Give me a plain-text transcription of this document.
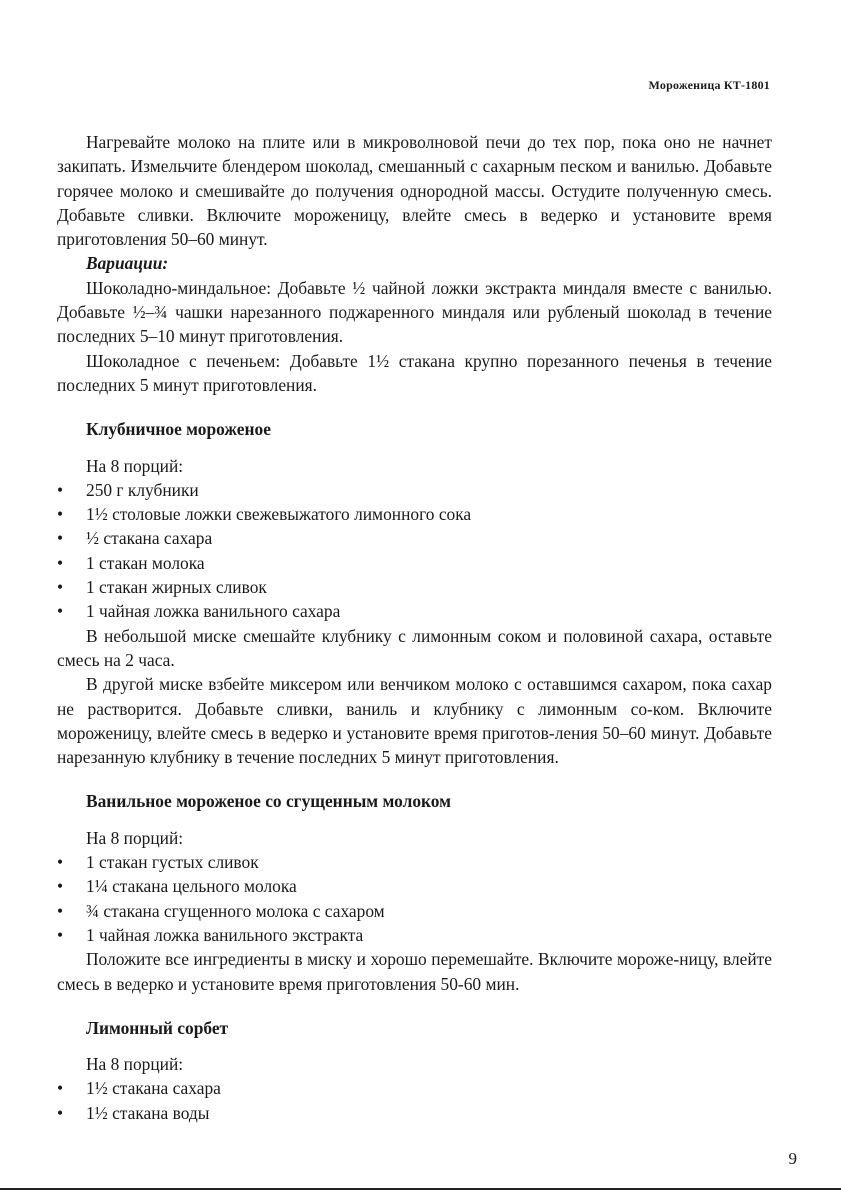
Мороженица КТ-1801

Нагревайте молоко на плите или в микроволновой печи до тех пор, пока оно не начнет закипать. Измельчите блендером шоколад, смешанный с сахарным песком и ванилью. Добавьте горячее молоко и смешивайте до получения однородной массы. Остудите полученную смесь. Добавьте сливки. Включите мороженицу, влейте смесь в ведерко и установите время приготовления 50–60 минут.

Вариации:

Шоколадно-миндальное: Добавьте ½ чайной ложки экстракта миндаля вместе с ванилью. Добавьте ½–¾ чашки нарезанного поджаренного миндаля или рубленый шоколад в течение последних 5–10 минут приготовления.

Шоколадное с печеньем: Добавьте 1½ стакана крупно порезанного печенья в течение последних 5 минут приготовления.

Клубничное мороженое

На 8 порций:

• 250 г клубники
• 1½ столовые ложки свежевыжатого лимонного сока
• ½ стакана сахара
• 1 стакан молока
• 1 стакан жирных сливок
• 1 чайная ложка ванильного сахара

В небольшой миске смешайте клубнику с лимонным соком и половиной сахара, оставьте смесь на 2 часа.

В другой миске взбейте миксером или венчиком молоко с оставшимся сахаром, пока сахар не растворится. Добавьте сливки, ваниль и клубнику с лимонным со-ком. Включите мороженицу, влейте смесь в ведерко и установите время приготов-ления 50–60 минут. Добавьте нарезанную клубнику в течение последних 5 минут приготовления.

Ванильное мороженое со сгущенным молоком

На 8 порций:

• 1 стакан густых сливок
• 1¼ стакана цельного молока
• ¾ стакана сгущенного молока с сахаром
• 1 чайная ложка ванильного экстракта

Положите все ингредиенты в миску и хорошо перемешайте. Включите морожe-ницу, влейте смесь в ведерко и установите время приготовления 50-60 мин.

Лимонный сорбет

На 8 порций:

• 1½ стакана сахара
• 1½ стакана воды
9
